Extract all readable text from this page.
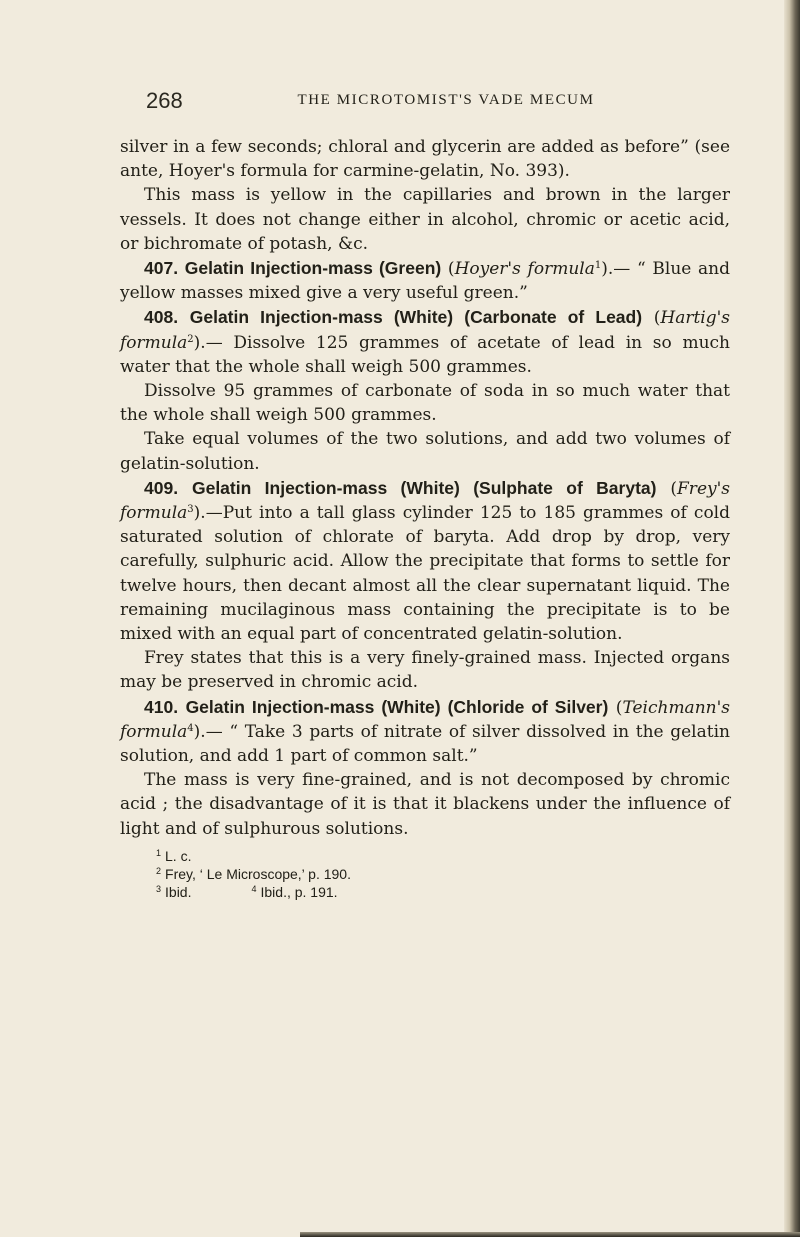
268	THE MICROTOMIST'S VADE MECUM

silver in a few seconds; chloral and glycerin are added as before” (see ante, Hoyer's formula for carmine-gelatin, No. 393).

This mass is yellow in the capillaries and brown in the larger vessels. It does not change either in alcohol, chromic or acetic acid, or bichromate of potash, &c.

407. Gelatin Injection-mass (Green) (Hoyer's formula$^1$).— “ Blue and yellow masses mixed give a very useful green.”

408. Gelatin Injection-mass (White) (Carbonate of Lead) (Hartig's formula$^2$).— Dissolve 125 grammes of acetate of lead in so much water that the whole shall weigh 500 grammes.

Dissolve 95 grammes of carbonate of soda in so much water that the whole shall weigh 500 grammes.

Take equal volumes of the two solutions, and add two volumes of gelatin-solution.

409. Gelatin Injection-mass (White) (Sulphate of Baryta) (Frey's formula$^3$).—Put into a tall glass cylinder 125 to 185 grammes of cold saturated solution of chlorate of baryta. Add drop by drop, very carefully, sulphuric acid. Allow the precipitate that forms to settle for twelve hours, then decant almost all the clear supernatant liquid. The remaining mucilaginous mass containing the precipitate is to be mixed with an equal part of concentrated gelatin-solution.

Frey states that this is a very finely-grained mass. Injected organs may be preserved in chromic acid.

410. Gelatin Injection-mass (White) (Chloride of Silver) (Teichmann's formula$^4$).— “ Take 3 parts of nitrate of silver dissolved in the gelatin solution, and add 1 part of common salt.”

The mass is very fine-grained, and is not decomposed by chromic acid ; the disadvantage of it is that it blackens under the influence of light and of sulphurous solutions.

$^1$ L. c.
$^2$ Frey, ‘ Le Microscope,’ p. 190.
$^3$ Ibid.	$^4$ Ibid., p. 191.
